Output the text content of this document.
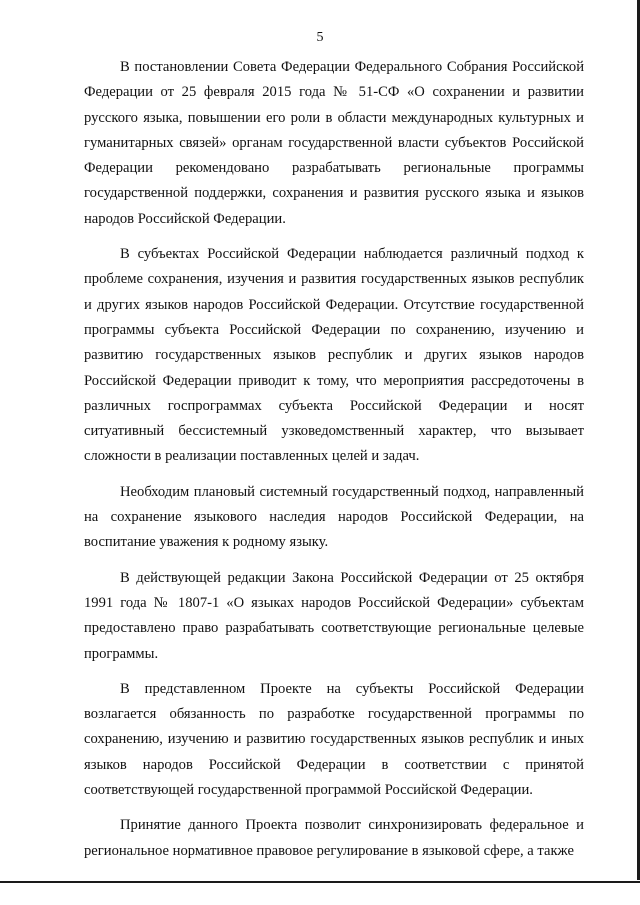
5

В постановлении Совета Федерации Федерального Собрания Российской Федерации от 25 февраля 2015 года № 51-СФ «О сохранении и развитии русского языка, повышении его роли в области международных культурных и гуманитарных связей» органам государственной власти субъектов Российской Федерации рекомендовано разрабатывать региональные программы государственной поддержки, сохранения и развития русского языка и языков народов Российской Федерации.

В субъектах Российской Федерации наблюдается различный подход к проблеме сохранения, изучения и развития государственных языков республик и других языков народов Российской Федерации. Отсутствие государственной программы субъекта Российской Федерации по сохранению, изучению и развитию государственных языков республик и других языков народов Российской Федерации приводит к тому, что мероприятия рассредоточены в различных госпрограммах субъекта Российской Федерации и носят ситуативный бессистемный узковедомственный характер, что вызывает сложности в реализации поставленных целей и задач.

Необходим плановый системный государственный подход, направленный на сохранение языкового наследия народов Российской Федерации, на воспитание уважения к родному языку.

В действующей редакции Закона Российской Федерации от 25 октября 1991 года № 1807-1 «О языках народов Российской Федерации» субъектам предоставлено право разрабатывать соответствующие региональные целевые программы.

В представленном Проекте на субъекты Российской Федерации возлагается обязанность по разработке государственной программы по сохранению, изучению и развитию государственных языков республик и иных языков народов Российской Федерации в соответствии с принятой соответствующей государственной программой Российской Федерации.

Принятие данного Проекта позволит синхронизировать федеральное и региональное нормативное правовое регулирование в языковой сфере, а также
